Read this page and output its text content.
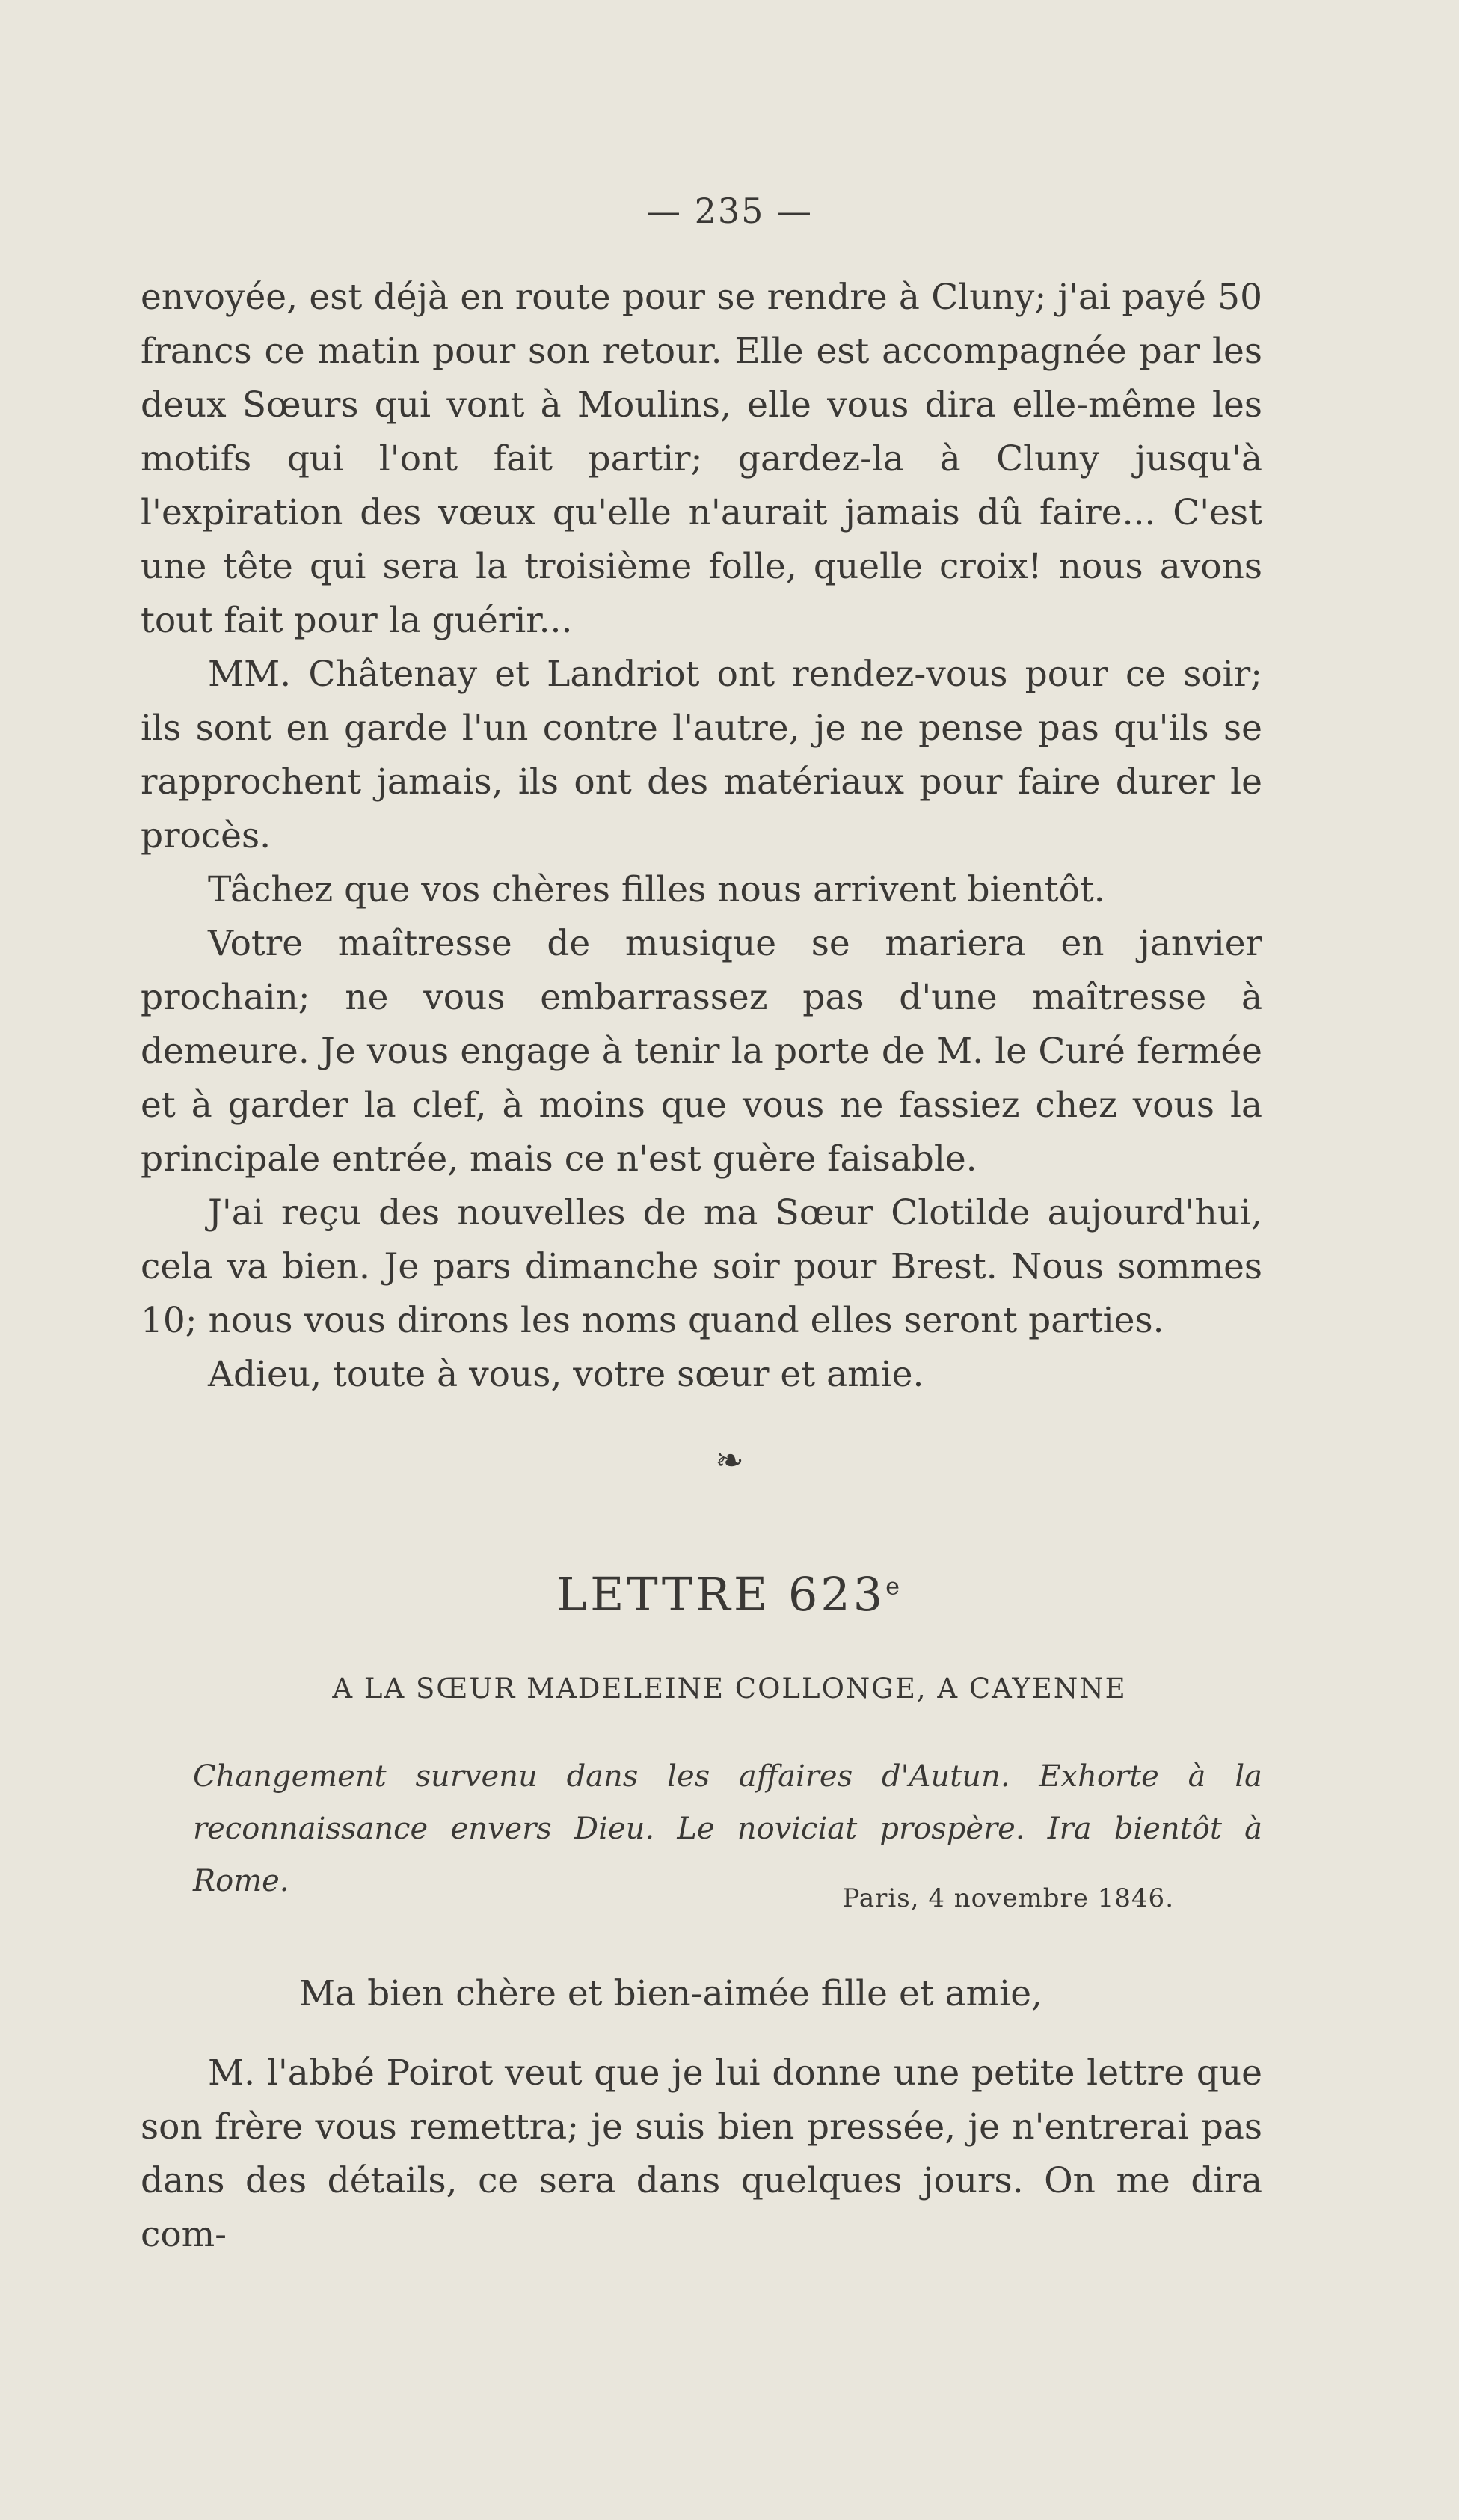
— 235 —

envoyée, est déjà en route pour se rendre à Cluny; j'ai payé 50 francs ce matin pour son retour. Elle est accompagnée par les deux Sœurs qui vont à Moulins, elle vous dira elle-même les motifs qui l'ont fait partir; gardez-la à Cluny jusqu'à l'expiration des vœux qu'elle n'aurait jamais dû faire... C'est une tête qui sera la troisième folle, quelle croix! nous avons tout fait pour la guérir...

MM. Châtenay et Landriot ont rendez-vous pour ce soir; ils sont en garde l'un contre l'autre, je ne pense pas qu'ils se rapprochent jamais, ils ont des matériaux pour faire durer le procès.

Tâchez que vos chères filles nous arrivent bientôt.

Votre maîtresse de musique se mariera en janvier prochain; ne vous embarrassez pas d'une maîtresse à demeure. Je vous engage à tenir la porte de M. le Curé fermée et à garder la clef, à moins que vous ne fassiez chez vous la principale entrée, mais ce n'est guère faisable.

J'ai reçu des nouvelles de ma Sœur Clotilde aujourd'hui, cela va bien. Je pars dimanche soir pour Brest. Nous sommes 10; nous vous dirons les noms quand elles seront parties.

Adieu, toute à vous, votre sœur et amie.

❧
LETTRE 623e
A LA SŒUR MADELEINE COLLONGE, A CAYENNE
Changement survenu dans les affaires d'Autun. Exhorte à la reconnaissance envers Dieu. Le noviciat prospère. Ira bientôt à Rome.	Paris, 4 novembre 1846.
Ma bien chère et bien-aimée fille et amie,

M. l'abbé Poirot veut que je lui donne une petite lettre que son frère vous remettra; je suis bien pressée, je n'entrerai pas dans des détails, ce sera dans quelques jours. On me dira com-
